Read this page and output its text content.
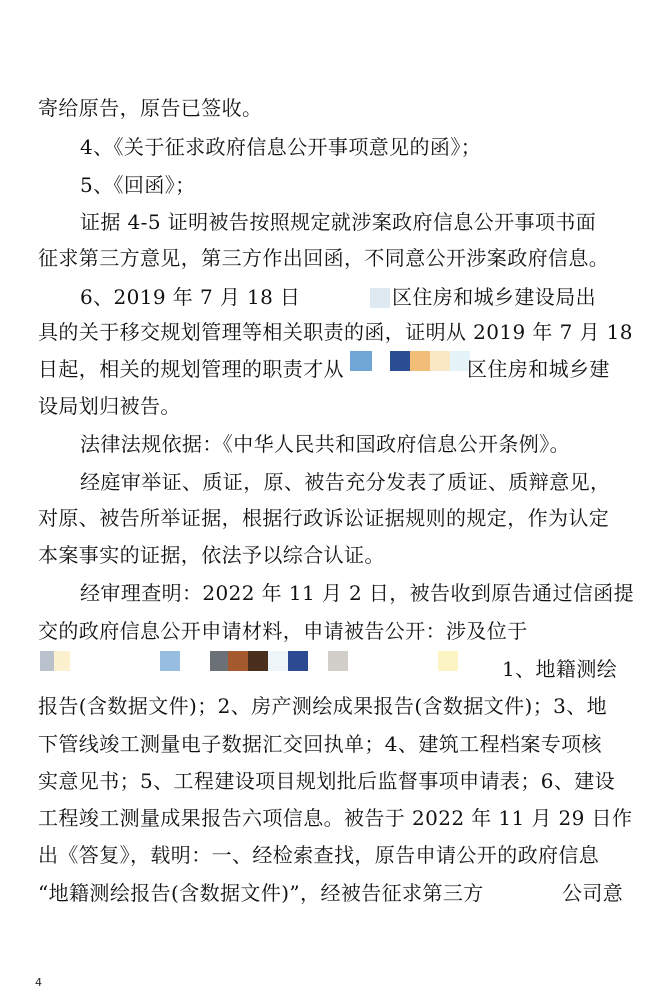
寄给原告，原告已签收。
4、《关于征求政府信息公开事项意见的函》；
5、《回函》；
证据 4-5 证明被告按照规定就涉案政府信息公开事项书面
征求第三方意见，第三方作出回函，不同意公开涉案政府信息。
6、2019 年 7 月 18 日	区住房和城乡建设局出
具的关于移交规划管理等相关职责的函，证明从 2019 年 7 月 18
日起，相关的规划管理的职责才从	区住房和城乡建
设局划归被告。
法律法规依据：《中华人民共和国政府信息公开条例》。
经庭审举证、质证，原、被告充分发表了质证、质辩意见，
对原、被告所举证据，根据行政诉讼证据规则的规定，作为认定
本案事实的证据，依法予以综合认证。
经审理查明：2022 年 11 月 2 日，被告收到原告通过信函提
交的政府信息公开申请材料，申请被告公开：涉及位于
1、地籍测绘
报告(含数据文件)；2、房产测绘成果报告(含数据文件)；3、地
下管线竣工测量电子数据汇交回执单；4、建筑工程档案专项核
实意见书；5、工程建设项目规划批后监督事项申请表；6、建设
工程竣工测量成果报告六项信息。被告于 2022 年 11 月 29 日作
出《答复》，载明：一、经检索查找，原告申请公开的政府信息
“地籍测绘报告(含数据文件)”，经被告征求第三方	公司意
4
